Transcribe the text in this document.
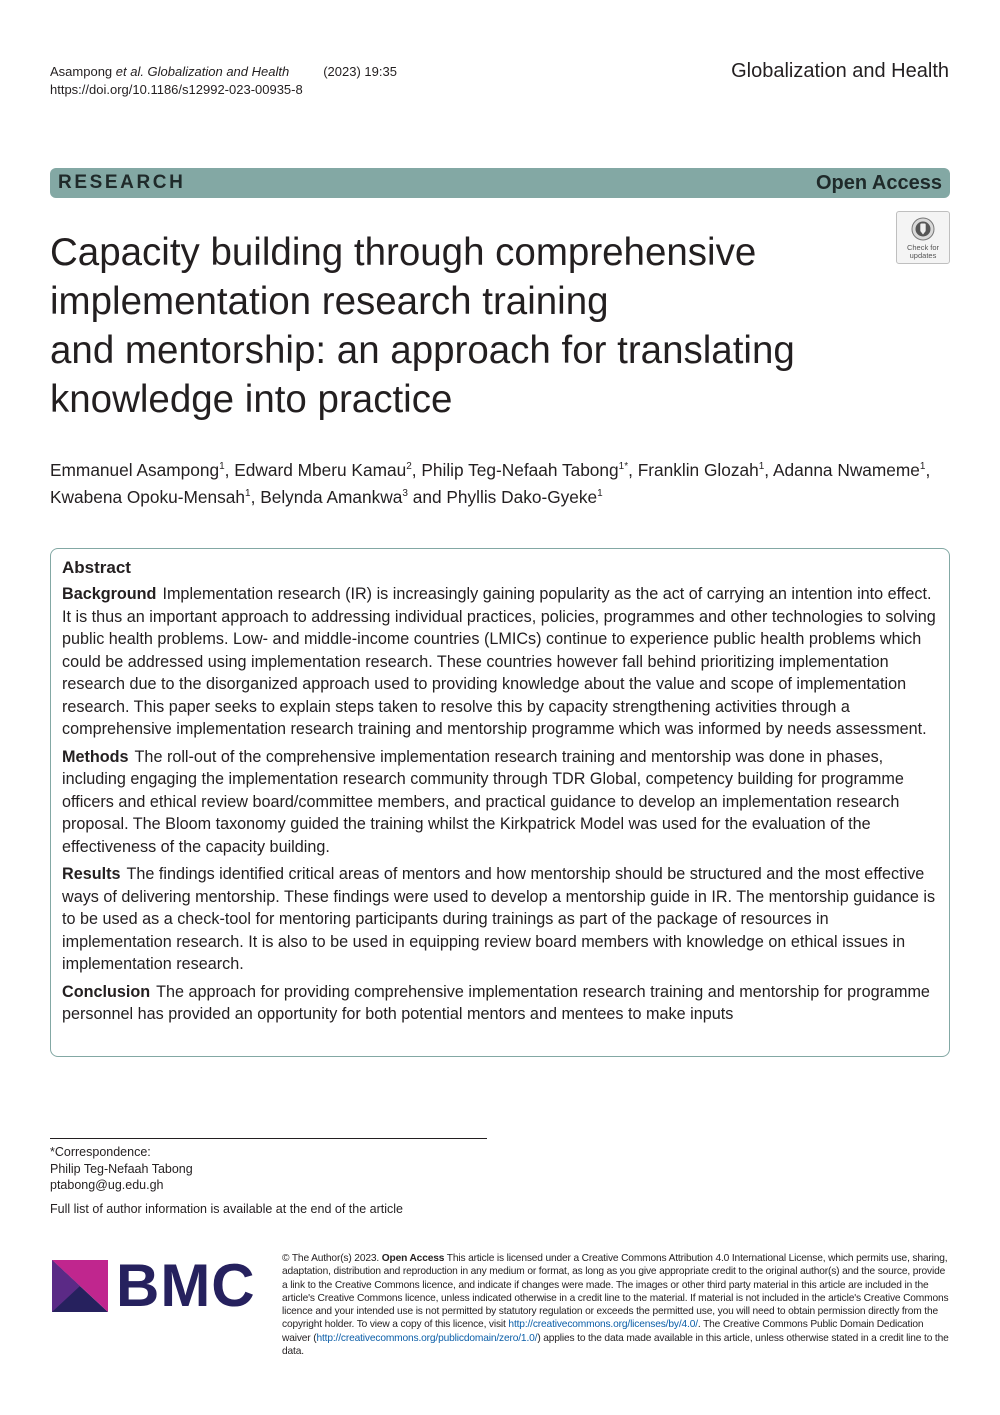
Asampong et al. Globalization and Health	(2023) 19:35
https://doi.org/10.1186/s12992-023-00935-8
Globalization and Health
RESEARCH	Open Access
Check for
updates
Capacity building through comprehensive
implementation research training
and mentorship: an approach for translating
knowledge into practice
Emmanuel Asampong$^1$, Edward Mberu Kamau$^2$, Philip Teg-Nefaah Tabong$^{1*}$, Franklin Glozah$^1$, Adanna Nwameme$^1$,
Kwabena Opoku-Mensah$^1$, Belynda Amankwa$^3$ and Phyllis Dako-Gyeke$^1$
Abstract

Background Implementation research (IR) is increasingly gaining popularity as the act of carrying an intention into effect. It is thus an important approach to addressing individual practices, policies, programmes and other technologies to solving public health problems. Low- and middle-income countries (LMICs) continue to experience public health problems which could be addressed using implementation research. These countries however fall behind prioritizing implementation research due to the disorganized approach used to providing knowledge about the value and scope of implementation research. This paper seeks to explain steps taken to resolve this by capacity strengthening activities through a comprehensive implementation research training and mentorship programme which was informed by needs assessment.

Methods The roll-out of the comprehensive implementation research training and mentorship was done in phases, including engaging the implementation research community through TDR Global, competency building for programme officers and ethical review board/committee members, and practical guidance to develop an implementation research proposal. The Bloom taxonomy guided the training whilst the Kirkpatrick Model was used for the evaluation of the effectiveness of the capacity building.

Results The findings identified critical areas of mentors and how mentorship should be structured and the most effective ways of delivering mentorship. These findings were used to develop a mentorship guide in IR. The mentorship guidance is to be used as a check-tool for mentoring participants during trainings as part of the package of resources in implementation research. It is also to be used in equipping review board members with knowledge on ethical issues in implementation research.

Conclusion The approach for providing comprehensive implementation research training and mentorship for programme personnel has provided an opportunity for both potential mentors and mentees to make inputs

*Correspondence:
Philip Teg-Nefaah Tabong
ptabong@ug.edu.gh
Full list of author information is available at the end of the article
BMC	© The Author(s) 2023. Open Access This article is licensed under a Creative Commons Attribution 4.0 International License, which permits use, sharing, adaptation, distribution and reproduction in any medium or format, as long as you give appropriate credit to the original author(s) and the source, provide a link to the Creative Commons licence, and indicate if changes were made. The images or other third party material in this article are included in the article's Creative Commons licence, unless indicated otherwise in a credit line to the material. If material is not included in the article's Creative Commons licence and your intended use is not permitted by statutory regulation or exceeds the permitted use, you will need to obtain permission directly from the copyright holder. To view a copy of this licence, visit http://creativecommons.org/licenses/by/4.0/. The Creative Commons Public Domain Dedication waiver (http://creativecommons.org/publicdomain/zero/1.0/) applies to the data made available in this article, unless otherwise stated in a credit line to the data.
